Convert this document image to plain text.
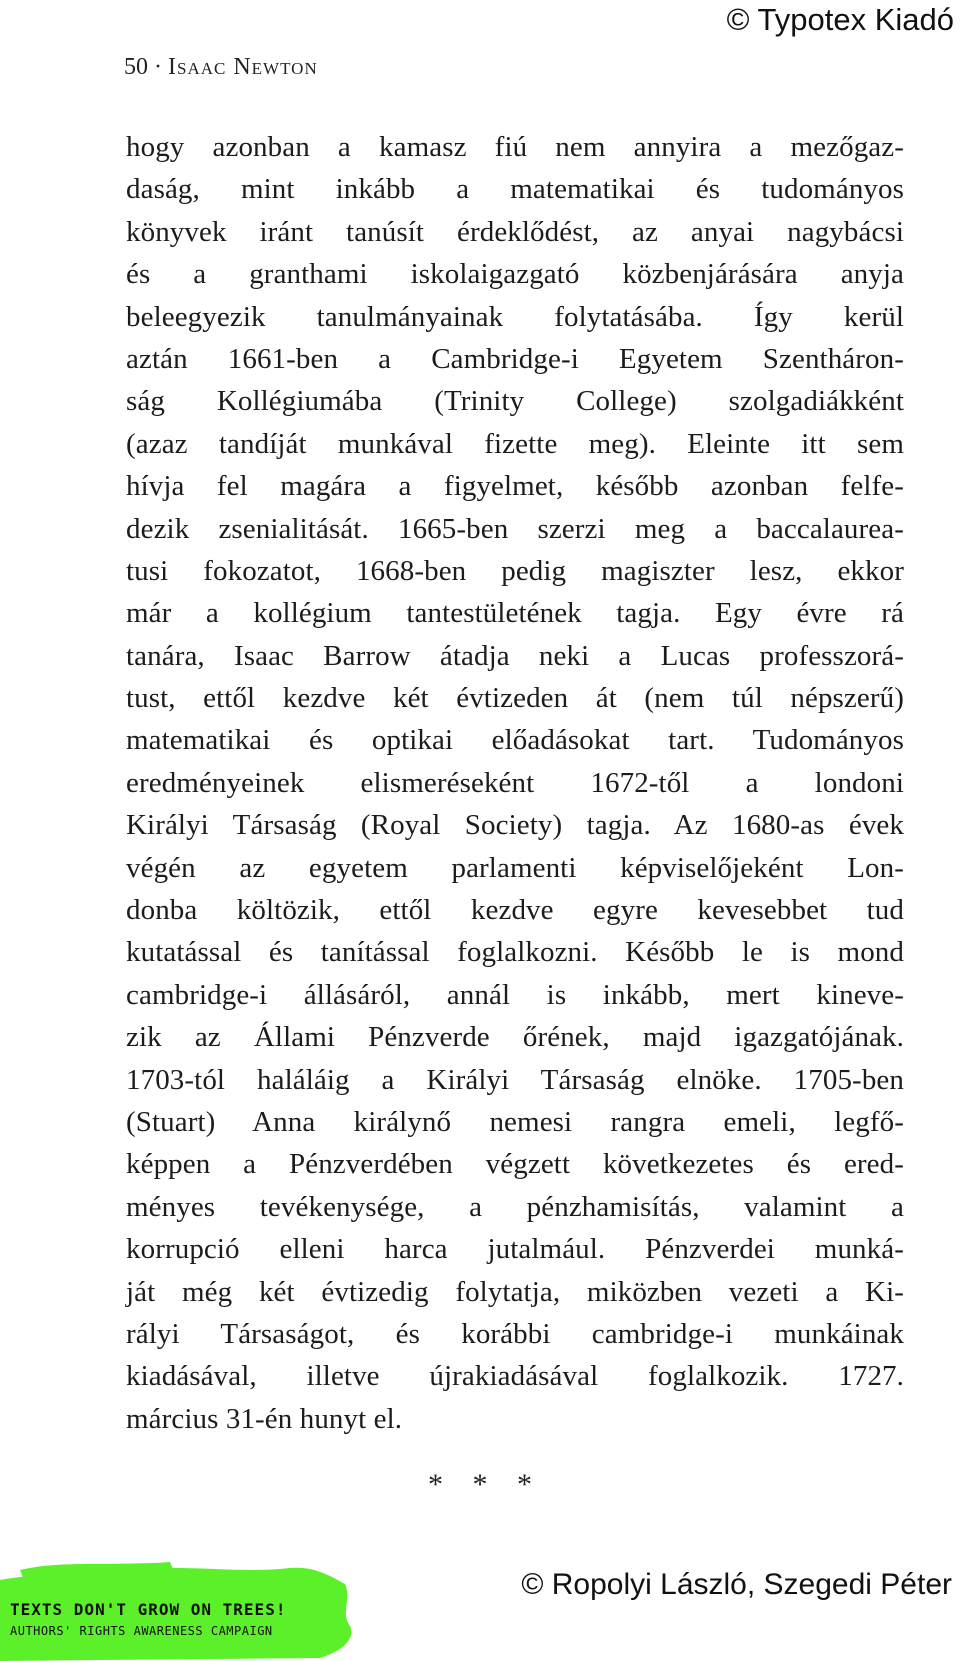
© Typotex Kiadó
50 · Isaac Newton
hogy azonban a kamasz fiú nem annyira a mezőgaz-
daság, mint inkább a matematikai és tudományos
könyvek iránt tanúsít érdeklődést, az anyai nagybácsi
és a granthami iskolaigazgató közbenjárására anyja
beleegyezik tanulmányainak folytatásába. Így kerül
aztán 1661-ben a Cambridge-i Egyetem Szentháron-
ság Kollégiumába (Trinity College) szolgadiákként
(azaz tandíját munkával fizette meg). Eleinte itt sem
hívja fel magára a figyelmet, később azonban felfe-
dezik zsenialitását. 1665-ben szerzi meg a baccalaurea-
tusi fokozatot, 1668-ben pedig magiszter lesz, ekkor
már a kollégium tantestületének tagja. Egy évre rá
tanára, Isaac Barrow átadja neki a Lucas professzorá-
tust, ettől kezdve két évtizeden át (nem túl népszerű)
matematikai és optikai előadásokat tart. Tudományos
eredményeinek elismeréseként 1672-től a londoni
Királyi Társaság (Royal Society) tagja. Az 1680-as évek
végén az egyetem parlamenti képviselőjeként Lon-
donba költözik, ettől kezdve egyre kevesebbet tud
kutatással és tanítással foglalkozni. Később le is mond
cambridge-i állásáról, annál is inkább, mert kineve-
zik az Állami Pénzverde őrének, majd igazgatójának.
1703-tól haláláig a Királyi Társaság elnöke. 1705-ben
(Stuart) Anna királynő nemesi rangra emeli, legfő-
képpen a Pénzverdében végzett következetes és ered-
ményes tevékenysége, a pénzhamisítás, valamint a
korrupció elleni harca jutalmául. Pénzverdei munká-
ját még két évtizedig folytatja, miközben vezeti a Ki-
rályi Társaságot, és korábbi cambridge-i munkáinak
kiadásával, illetve újrakiadásával foglalkozik. 1727.
március 31-én hunyt el.
* * *
TEXTS DON'T GROW ON TREES!
AUTHORS' RIGHTS AWARENESS CAMPAIGN
© Ropolyi László, Szegedi Péter
